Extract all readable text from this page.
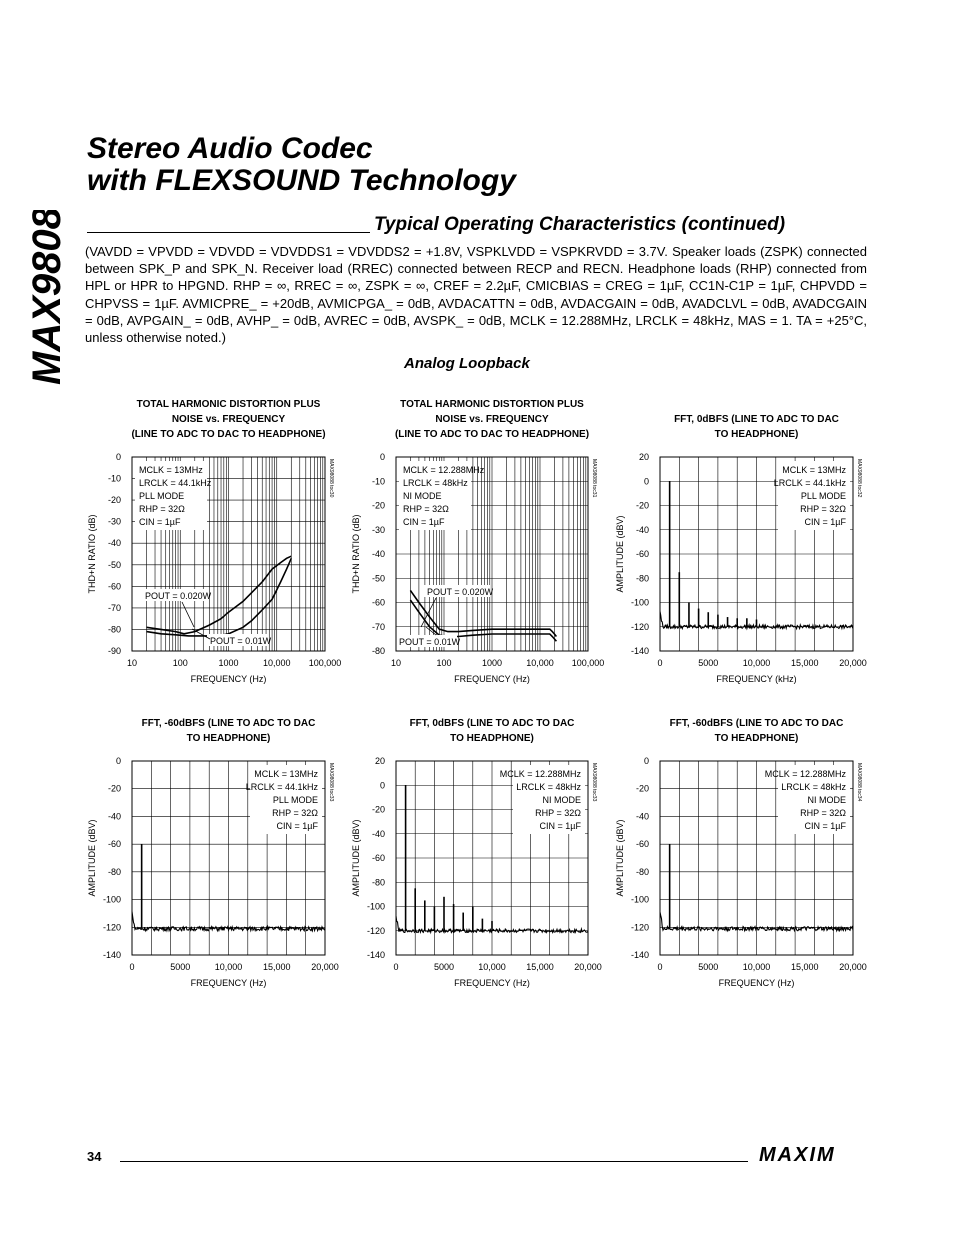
MAX98088
Stereo Audio Codec
with FLEXSOUND Technology
Typical Operating Characteristics (continued)
(VAVDD = VPVDD = VDVDD = VDVDDS1 = VDVDDS2 = +1.8V, VSPKLVDD = VSPKRVDD = 3.7V. Speaker loads (ZSPK) connected between SPK_P and SPK_N. Receiver load (RREC) connected between RECP and RECN. Headphone loads (RHP) connected from HPL or HPR to HPGND. RHP = ∞, RREC = ∞, ZSPK = ∞, CREF = 2.2µF, CMICBIAS = CREG = 1µF, CC1N-C1P = 1µF, CHPVDD = CHPVSS = 1µF. AVMICPRE_ = +20dB, AVMICPGA_ = 0dB, AVDACATTN = 0dB, AVDACGAIN = 0dB, AVADCLVL = 0dB, AVADCGAIN = 0dB, AVPGAIN_ = 0dB, AVHP_ = 0dB, AVREC = 0dB, AVSPK_ = 0dB, MCLK = 12.288MHz, LRCLK = 48kHz, MAS = 1. TA = +25°C, unless otherwise noted.)
Analog Loopback
TOTAL HARMONIC DISTORTION PLUS
NOISE vs. FREQUENCY
(LINE TO ADC TO DAC TO HEADPHONE)
0
-10
-20
-30
-40
-50
-60
-70
-80
-90
10	100	1000	10,000 100,000
FREQUENCY (Hz)
THD+N RATIO (dB)
MAX98088 toc30
MCLK = 13MHz
LRCLK = 44.1kHz
PLL MODE
RHP = 32Ω
CIN = 1µF
POUT = 0.020W
POUT = 0.01W
TOTAL HARMONIC DISTORTION PLUS
NOISE vs. FREQUENCY
(LINE TO ADC TO DAC TO HEADPHONE)
0
-10
-20
-30
-40
-50
-60
-70
-80
10	100	1000	10,000 100,000
FREQUENCY (Hz)
THD+N RATIO (dB)
MAX98088 toc31
MCLK = 12.288MHz
LRCLK = 48kHz
NI MODE
RHP = 32Ω
CIN = 1µF
POUT = 0.020W
POUT = 0.01W
FFT, 0dBFS (LINE TO ADC TO DAC
TO HEADPHONE)
20
0
-20
-40
-60
-80
-100
-120
-140
0	5000	10,000 15,000 20,000
FREQUENCY (kHz)
AMPLITUDE (dBV)
MAX98088 toc32
MCLK = 13MHz
LRCLK = 44.1kHz
PLL MODE
RHP = 32Ω
CIN = 1µF
FFT, -60dBFS (LINE TO ADC TO DAC
TO HEADPHONE)
0
-20
-40
-60
-80
-100
-120
-140
0	5000	10,000 15,000 20,000
FREQUENCY (Hz)
AMPLITUDE (dBV)
MAX98088 toc33
MCLK = 13MHz
LRCLK = 44.1kHz
PLL MODE
RHP = 32Ω
CIN = 1µF
FFT, 0dBFS (LINE TO ADC TO DAC
TO HEADPHONE)
20
0
-20
-40
-60
-80
-100
-120
-140
0	5000	10,000 15,000 20,000
FREQUENCY (Hz)
AMPLITUDE (dBV)
MAX98088 toc33
MCLK = 12.288MHz
LRCLK = 48kHz
NI MODE
RHP = 32Ω
CIN = 1µF
FFT, -60dBFS (LINE TO ADC TO DAC
TO HEADPHONE)
0
-20
-40
-60
-80
-100
-120
-140
0	5000	10,000 15,000 20,000
FREQUENCY (Hz)
AMPLITUDE (dBV)
MAX98088 toc34
MCLK = 12.288MHz
LRCLK = 48kHz
NI MODE
RHP = 32Ω
CIN = 1µF
34	MAXIM
